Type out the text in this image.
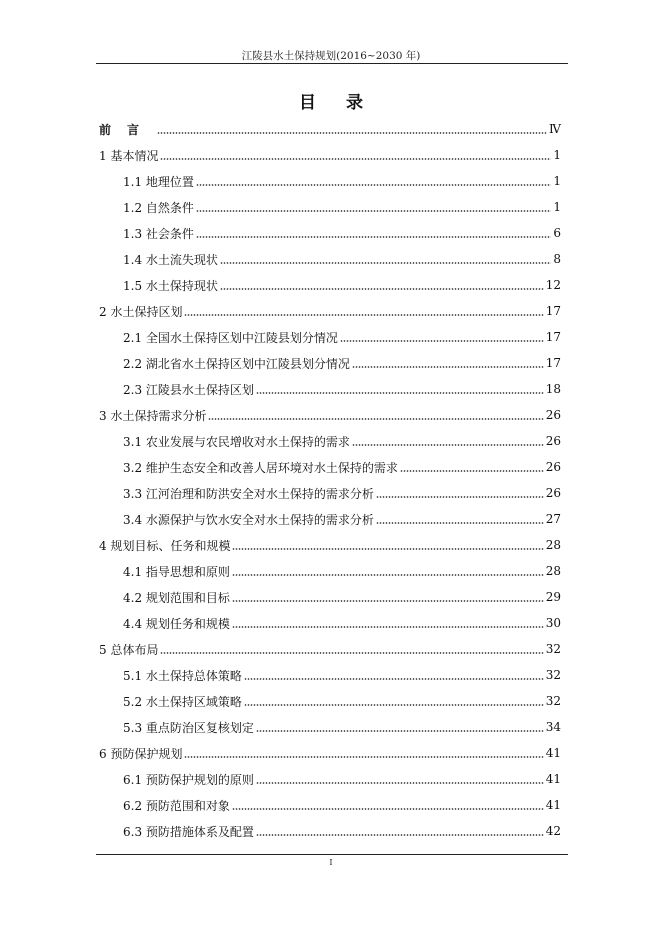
江陵县水土保持规划(2016~2030 年)
目录
前言	Ⅳ
1 基本情况	1
1.1 地理位置	1
1.2 自然条件	1
1.3 社会条件	6
1.4 水土流失现状	8
1.5 水土保持现状	12
2 水土保持区划	17
2.1 全国水土保持区划中江陵县划分情况	17
2.2 湖北省水土保持区划中江陵县划分情况	17
2.3 江陵县水土保持区划	18
3 水土保持需求分析	26
3.1 农业发展与农民增收对水土保持的需求	26
3.2 维护生态安全和改善人居环境对水土保持的需求	26
3.3 江河治理和防洪安全对水土保持的需求分析	26
3.4 水源保护与饮水安全对水土保持的需求分析	27
4 规划目标、任务和规模	28
4.1 指导思想和原则	28
4.2 规划范围和目标	29
4.4 规划任务和规模	30
5 总体布局	32
5.1 水土保持总体策略	32
5.2 水土保持区域策略	32
5.3 重点防治区复核划定	34
6 预防保护规划	41
6.1 预防保护规划的原则	41
6.2 预防范围和对象	41
6.3 预防措施体系及配置	42
I
